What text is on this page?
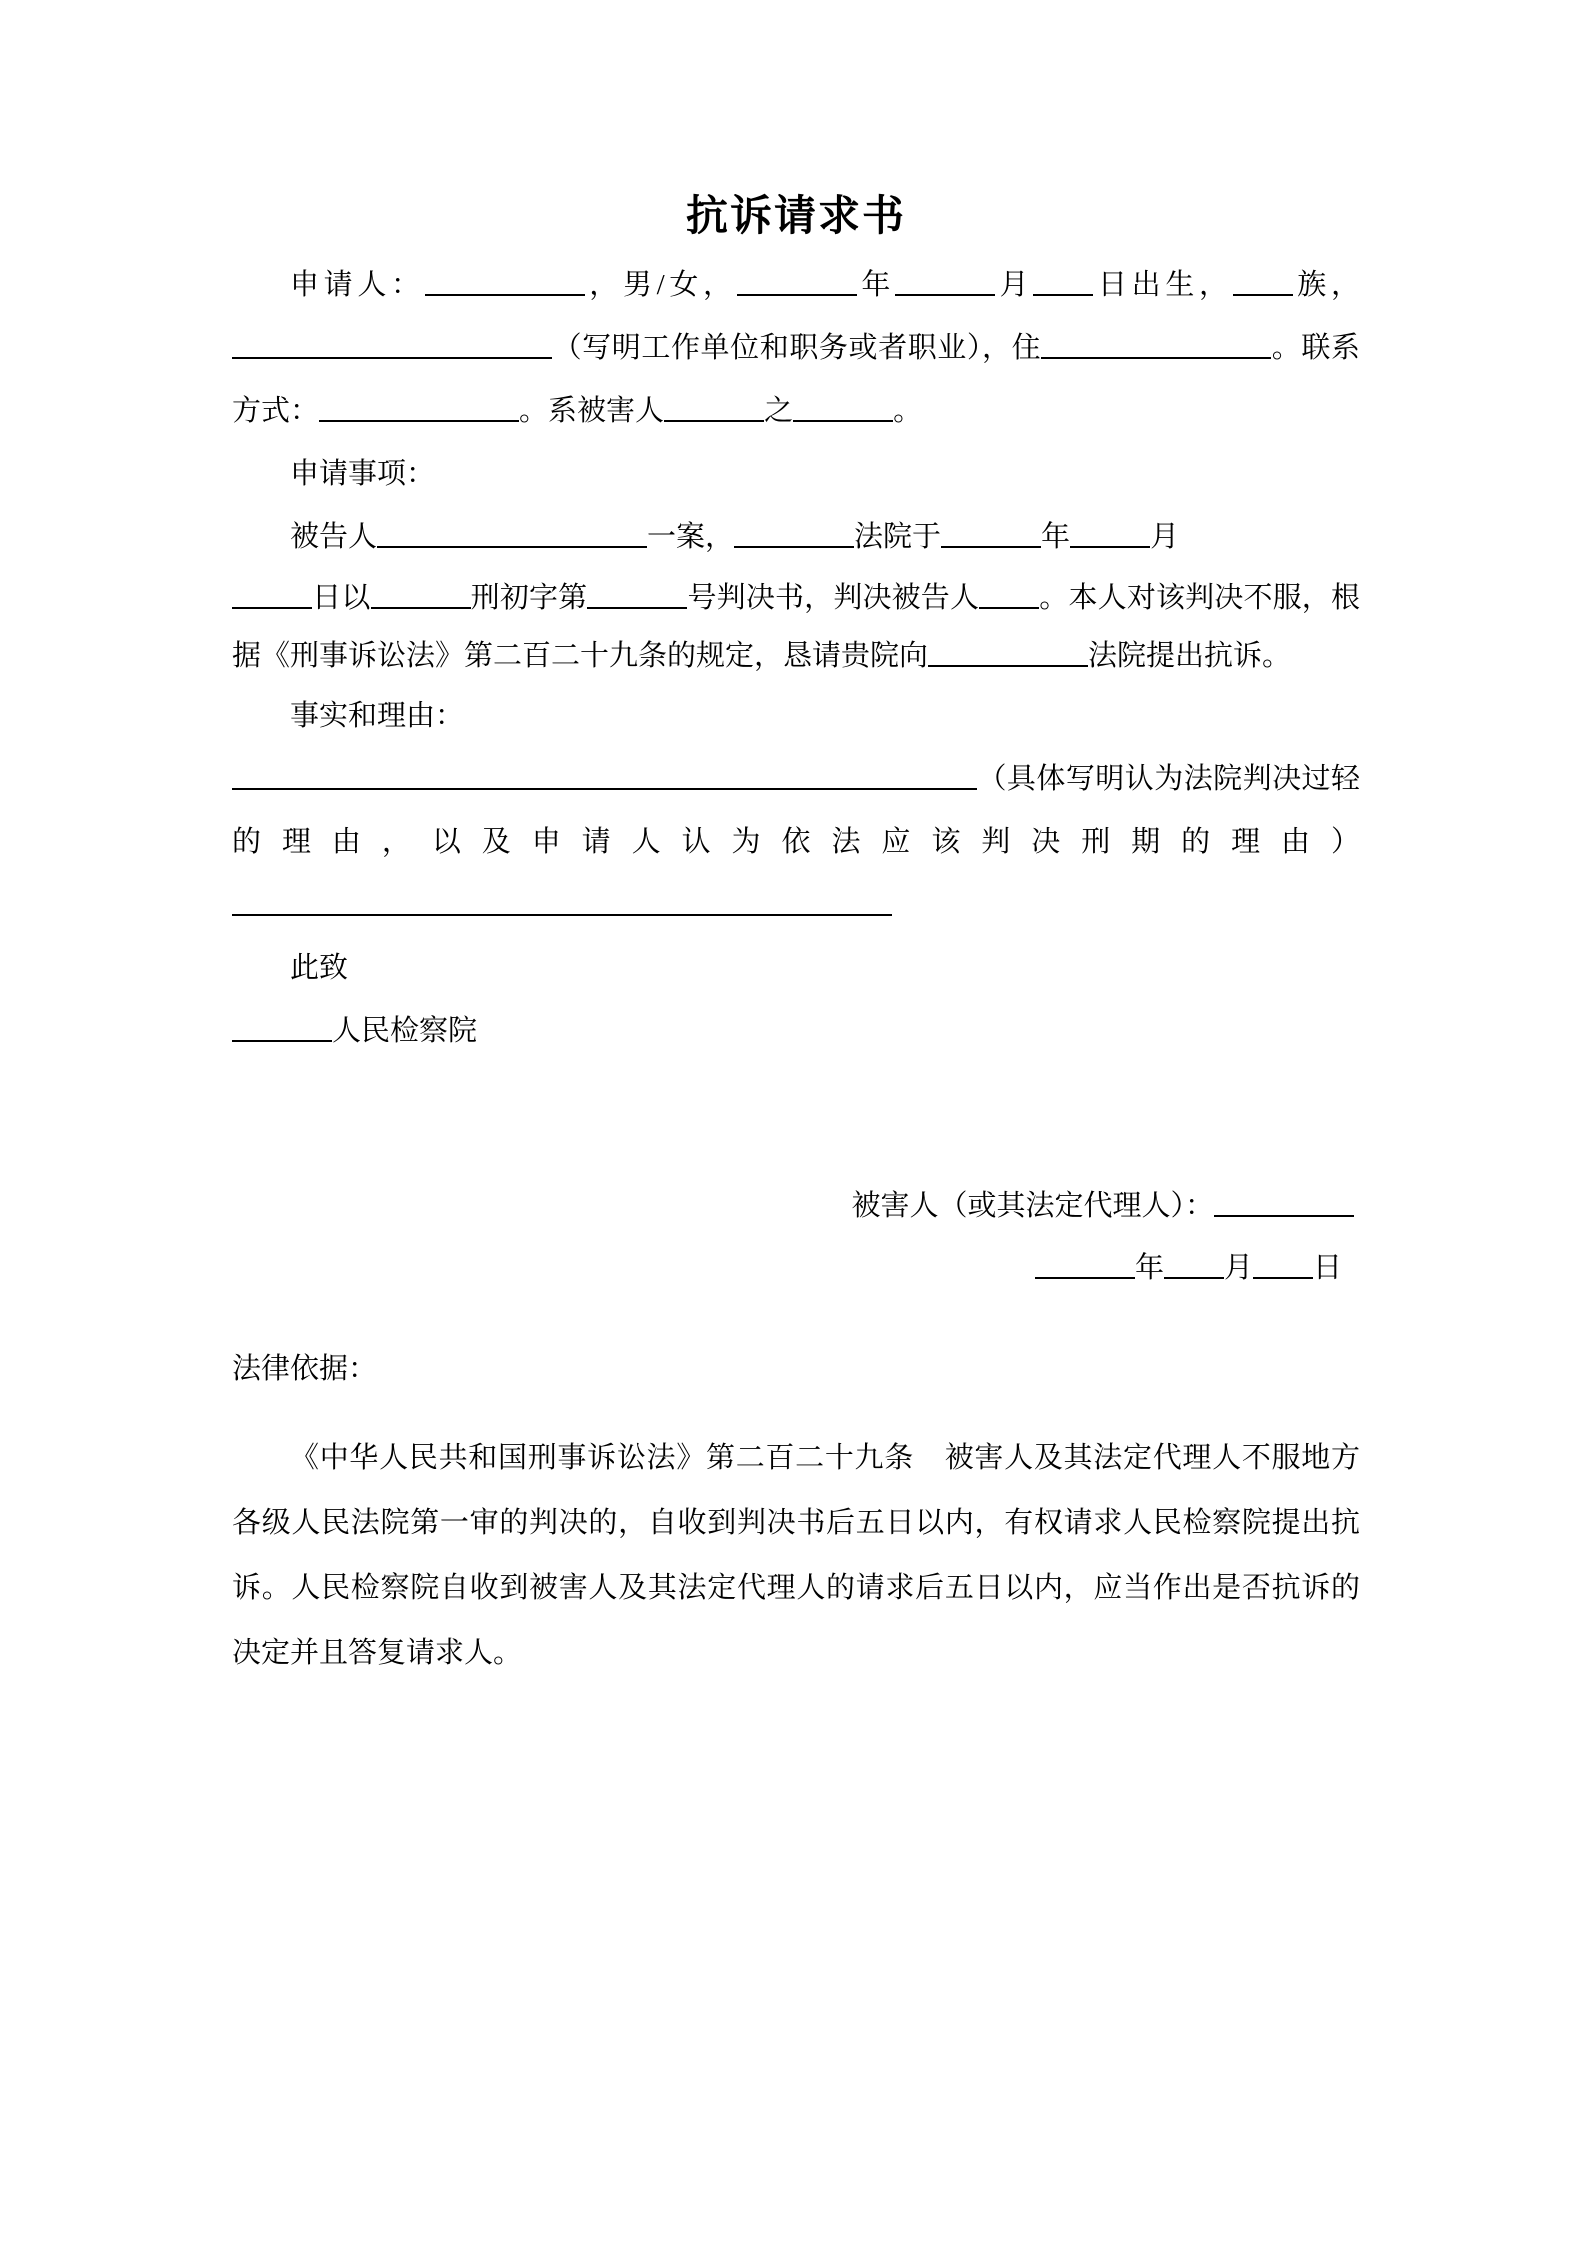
抗诉请求书

申请人：	，男/女，	年	月 日出生， 族，（写明工作单位和职务或者职业），住	。联系方式：	。系被害人	之	。

申请事项：

被告人	一案，	法院于	年	月

日以	刑初字第	号判决书，判决被告人 。本人对该判决不服，根据《刑事诉讼法》第二百二十九条的规定，恳请贵院向	法院提出抗诉。

事实和理由：

（具体写明认为法院判决过轻的理由，以及申请人认为依法应该判决刑期的理由）

此致

人民检察院

被害人（或其法定代理人）：
年 月 日

法律依据：

《中华人民共和国刑事诉讼法》第二百二十九条 被害人及其法定代理人不服地方各级人民法院第一审的判决的，自收到判决书后五日以内，有权请求人民检察院提出抗诉。人民检察院自收到被害人及其法定代理人的请求后五日以内，应当作出是否抗诉的决定并且答复请求人。
